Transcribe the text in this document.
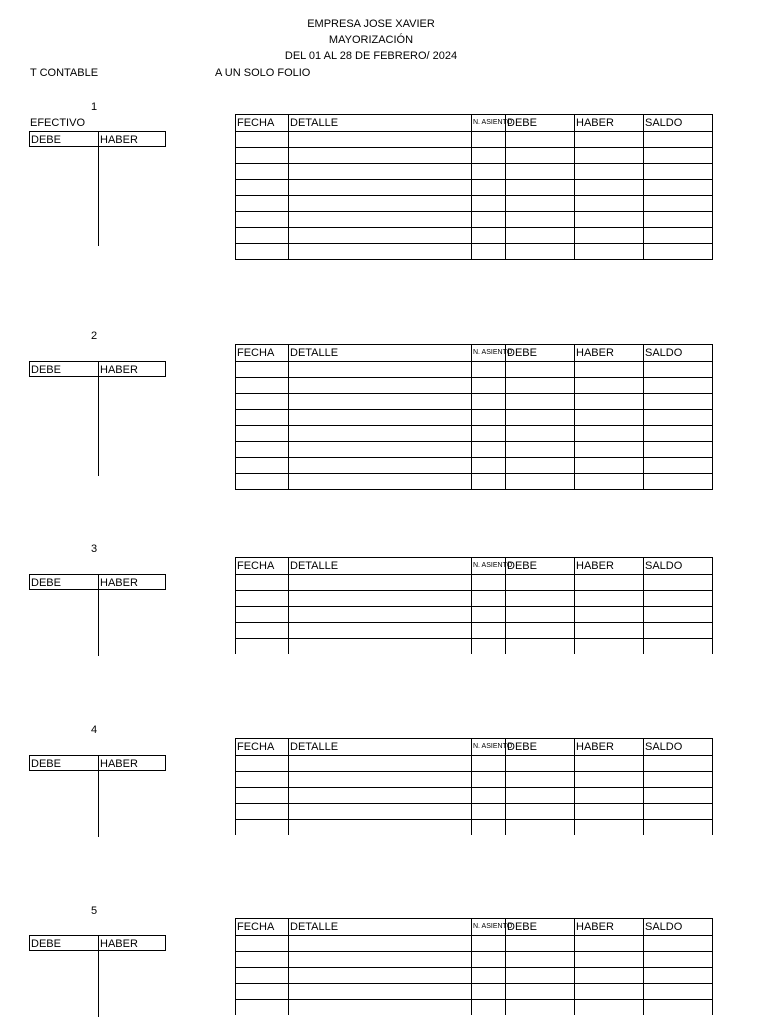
EMPRESA JOSE XAVIER
MAYORIZACIÓN
DEL 01 AL 28 DE FEBRERO/ 2024
T CONTABLE	A UN SOLO FOLIO
1
EFECTIVO
DEBE	HABER
FECHA	DETALLE	N. ASIENTO	DEBE	HABER	SALDO

2
DEBE	HABER
FECHA	DETALLE	N. ASIENTO	DEBE	HABER	SALDO

3
DEBE	HABER
FECHA	DETALLE	N. ASIENTO	DEBE	HABER	SALDO

4
DEBE	HABER
FECHA	DETALLE	N. ASIENTO	DEBE	HABER	SALDO

5
DEBE	HABER
FECHA	DETALLE	N. ASIENTO	DEBE	HABER	SALDO
